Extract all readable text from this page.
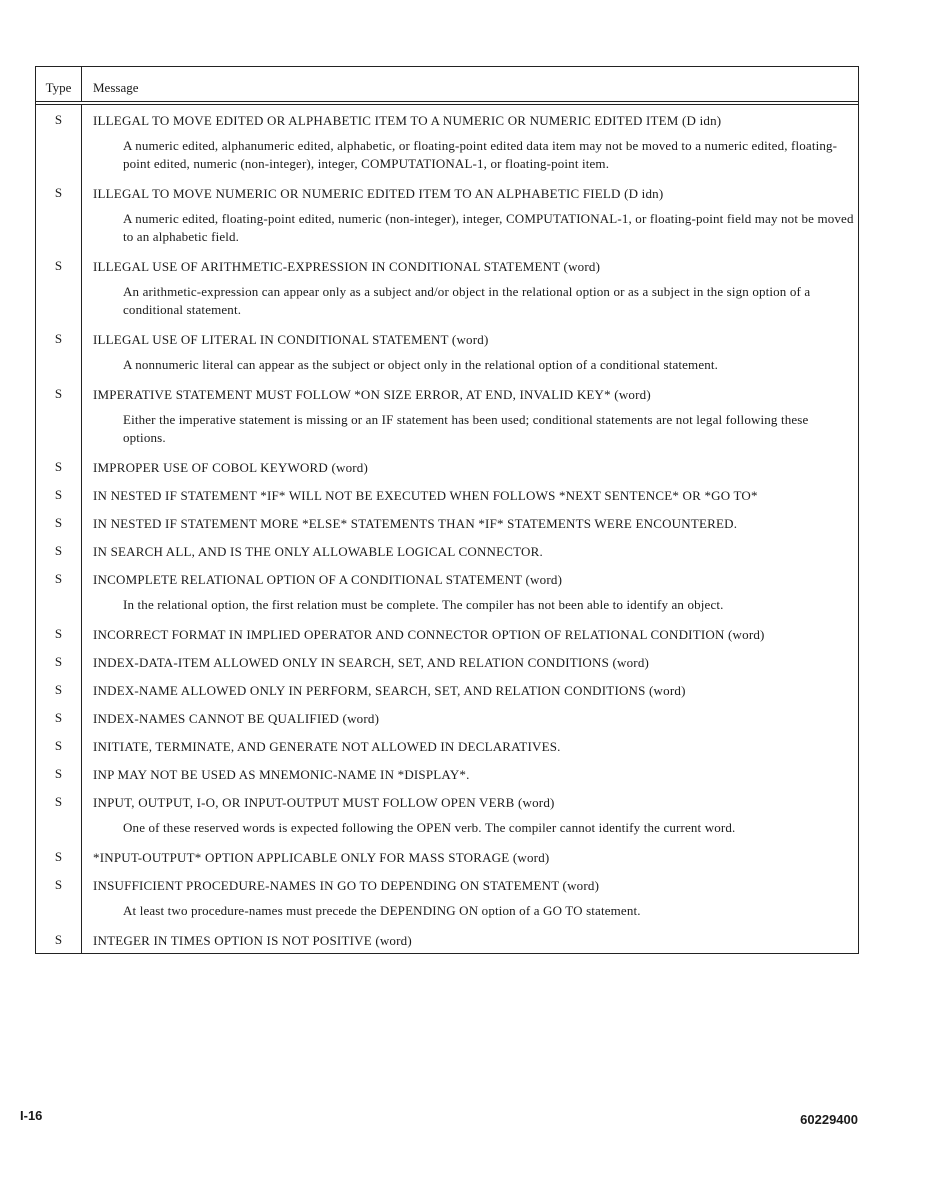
Type	Message
S	ILLEGAL TO MOVE EDITED OR ALPHABETIC ITEM TO A NUMERIC OR NUMERIC EDITED ITEM (D idn)
A numeric edited, alphanumeric edited, alphabetic, or floating-point edited data item may not be moved to a numeric edited, floating-point edited, numeric (non-integer), integer, COMPUTATIONAL-1, or floating-point item.
S	ILLEGAL TO MOVE NUMERIC OR NUMERIC EDITED ITEM TO AN ALPHABETIC FIELD (D idn)
A numeric edited, floating-point edited, numeric (non-integer), integer, COMPUTATIONAL-1, or floating-point field may not be moved to an alphabetic field.
S	ILLEGAL USE OF ARITHMETIC-EXPRESSION IN CONDITIONAL STATEMENT (word)
An arithmetic-expression can appear only as a subject and/or object in the relational option or as a subject in the sign option of a conditional statement.
S	ILLEGAL USE OF LITERAL IN CONDITIONAL STATEMENT (word)
A nonnumeric literal can appear as the subject or object only in the relational option of a conditional statement.
S	IMPERATIVE STATEMENT MUST FOLLOW *ON SIZE ERROR, AT END, INVALID KEY* (word)
Either the imperative statement is missing or an IF statement has been used; conditional statements are not legal following these options.
S	IMPROPER USE OF COBOL KEYWORD (word)
S	IN NESTED IF STATEMENT *IF* WILL NOT BE EXECUTED WHEN FOLLOWS *NEXT SENTENCE* OR *GO TO*
S	IN NESTED IF STATEMENT MORE *ELSE* STATEMENTS THAN *IF* STATEMENTS WERE ENCOUNTERED.
S	IN SEARCH ALL, AND IS THE ONLY ALLOWABLE LOGICAL CONNECTOR.
S	INCOMPLETE RELATIONAL OPTION OF A CONDITIONAL STATEMENT (word)
In the relational option, the first relation must be complete. The compiler has not been able to identify an object.
S	INCORRECT FORMAT IN IMPLIED OPERATOR AND CONNECTOR OPTION OF RELATIONAL CONDITION (word)
S	INDEX-DATA-ITEM ALLOWED ONLY IN SEARCH, SET, AND RELATION CONDITIONS (word)
S	INDEX-NAME ALLOWED ONLY IN PERFORM, SEARCH, SET, AND RELATION CONDITIONS (word)
S	INDEX-NAMES CANNOT BE QUALIFIED (word)
S	INITIATE, TERMINATE, AND GENERATE NOT ALLOWED IN DECLARATIVES.
S	INP MAY NOT BE USED AS MNEMONIC-NAME IN *DISPLAY*.
S	INPUT, OUTPUT, I-O, OR INPUT-OUTPUT MUST FOLLOW OPEN VERB (word)
One of these reserved words is expected following the OPEN verb. The compiler cannot identify the current word.
S	*INPUT-OUTPUT* OPTION APPLICABLE ONLY FOR MASS STORAGE (word)
S	INSUFFICIENT PROCEDURE-NAMES IN GO TO DEPENDING ON STATEMENT (word)
At least two procedure-names must precede the DEPENDING ON option of a GO TO statement.
S	INTEGER IN TIMES OPTION IS NOT POSITIVE (word)
I-16	60229400
